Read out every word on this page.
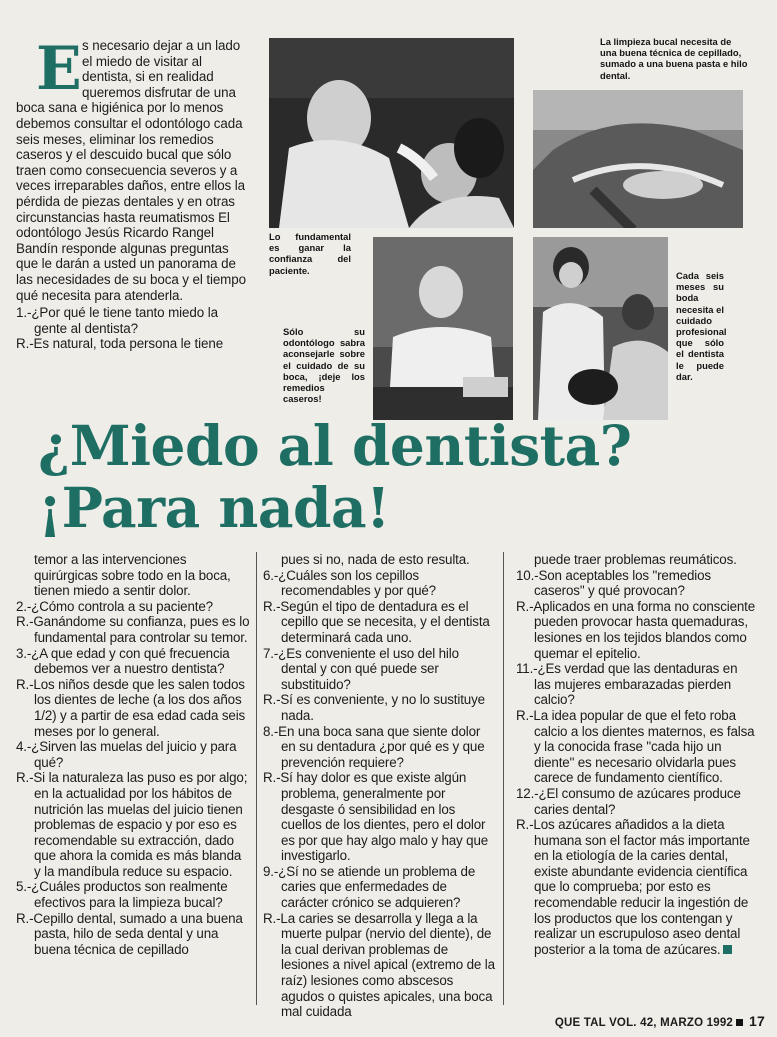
E s necesario dejar a un lado el miedo de visitar al dentista, si en realidad queremos disfrutar de una boca sana e higiénica por lo menos debemos consultar el odontólogo cada seis meses, eliminar los remedios caseros y el descuido bucal que sólo traen como consecuencia severos y a veces irreparables daños, entre ellos la pérdida de piezas dentales y en otras circunstancias hasta reumatismos El odontólogo Jesús Ricardo Rangel Bandín responde algunas preguntas que le darán a usted un panorama de las necesidades de su boca y el tiempo qué necesita para atenderla.

1.-¿Por qué le tiene tanto miedo la gente al dentista?

R.-Es natural, toda persona le tiene

La limpieza bucal necesita de una buena técnica de cepillado, sumado a una buena pasta e hilo dental.
Lo fundamental es ganar la confianza del paciente.
Sólo su odontólogo sabra aconsejarle sobre el cuidado de su boca, ¡deje los remedios caseros!
Cada seis meses su boda necesita el cuidado profesional que sólo el dentista le puede dar.
¿Miedo al dentista?
¡Para nada!

temor a las intervenciones quirúrgicas sobre todo en la boca, tienen miedo a sentir dolor.

2.-¿Cómo controla a su paciente?

R.-Ganándome su confianza, pues es lo fundamental para controlar su temor.

3.-¿A que edad y con qué frecuencia debemos ver a nuestro dentista?

R.-Los niños desde que les salen todos los dientes de leche (a los dos años 1/2) y a partir de esa edad cada seis meses por lo general.

4.-¿Sirven las muelas del juicio y para qué?

R.-Si la naturaleza las puso es por algo; en la actualidad por los hábitos de nutrición las muelas del juicio tienen problemas de espacio y por eso es recomendable su extracción, dado que ahora la comida es más blanda y la mandíbula reduce su espacio.

5.-¿Cuáles productos son realmente efectivos para la limpieza bucal?

R.-Cepillo dental, sumado a una buena pasta, hilo de seda dental y una buena técnica de cepillado

pues si no, nada de esto resulta.

6.-¿Cuáles son los cepillos recomendables y por qué?

R.-Según el tipo de dentadura es el cepillo que se necesita, y el dentista determinará cada uno.

7.-¿Es conveniente el uso del hilo dental y con qué puede ser substituido?

R.-Sí es conveniente, y no lo sustituye nada.

8.-En una boca sana que siente dolor en su dentadura ¿por qué es y que prevención requiere?

R.-Sí hay dolor es que existe algún problema, generalmente por desgaste ó sensibilidad en los cuellos de los dientes, pero el dolor es por que hay algo malo y hay que investigarlo.

9.-¿Sí no se atiende un problema de caries que enfermedades de carácter crónico se adquieren?

R.-La caries se desarrolla y llega a la muerte pulpar (nervio del diente), de la cual derivan problemas de lesiones a nivel apical (extremo de la raíz) lesiones como abscesos agudos o quistes apicales, una boca mal cuidada

puede traer problemas reumáticos.

10.-Son aceptables los "remedios caseros" y qué provocan?

R.-Aplicados en una forma no consciente pueden provocar hasta quemaduras, lesiones en los tejidos blandos como quemar el epitelio.

11.-¿Es verdad que las dentaduras en las mujeres embarazadas pierden calcio?

R.-La idea popular de que el feto roba calcio a los dientes maternos, es falsa y la conocida frase "cada hijo un diente" es necesario olvidarla pues carece de fundamento científico.

12.-¿El consumo de azúcares produce caries dental?

R.-Los azúcares añadidos a la dieta humana son el factor más importante en la etiología de la caries dental, existe abundante evidencia científica que lo comprueba; por esto es recomendable reducir la ingestión de los productos que los contengan y realizar un escrupuloso aseo dental posterior a la toma de azúcares.

QUE TAL VOL. 42, MARZO 1992 17
